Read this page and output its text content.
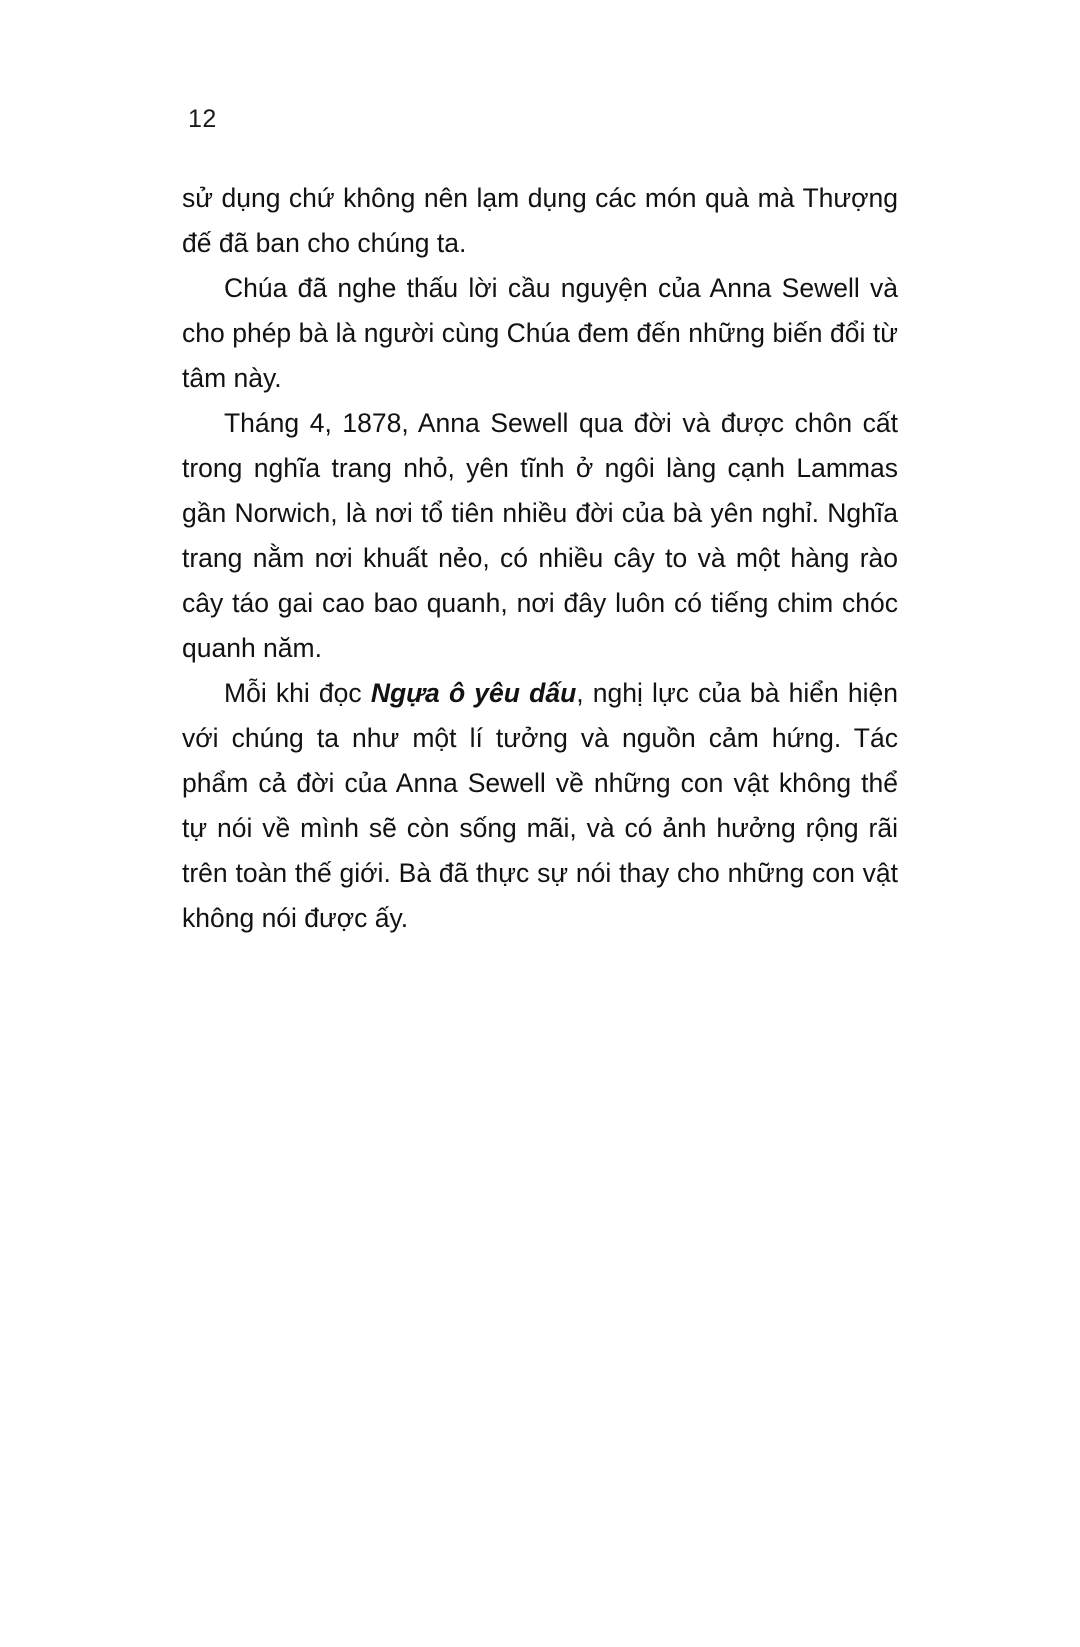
12

sử dụng chứ không nên lạm dụng các món quà mà Thượng đế đã ban cho chúng ta.

Chúa đã nghe thấu lời cầu nguyện của Anna Sewell và cho phép bà là người cùng Chúa đem đến những biến đổi từ tâm này.

Tháng 4, 1878, Anna Sewell qua đời và được chôn cất trong nghĩa trang nhỏ, yên tĩnh ở ngôi làng cạnh Lammas gần Norwich, là nơi tổ tiên nhiều đời của bà yên nghỉ. Nghĩa trang nằm nơi khuất nẻo, có nhiều cây to và một hàng rào cây táo gai cao bao quanh, nơi đây luôn có tiếng chim chóc quanh năm.

Mỗi khi đọc Ngựa ô yêu dấu, nghị lực của bà hiển hiện với chúng ta như một lí tưởng và nguồn cảm hứng. Tác phẩm cả đời của Anna Sewell về những con vật không thể tự nói về mình sẽ còn sống mãi, và có ảnh hưởng rộng rãi trên toàn thế giới. Bà đã thực sự nói thay cho những con vật không nói được ấy.
